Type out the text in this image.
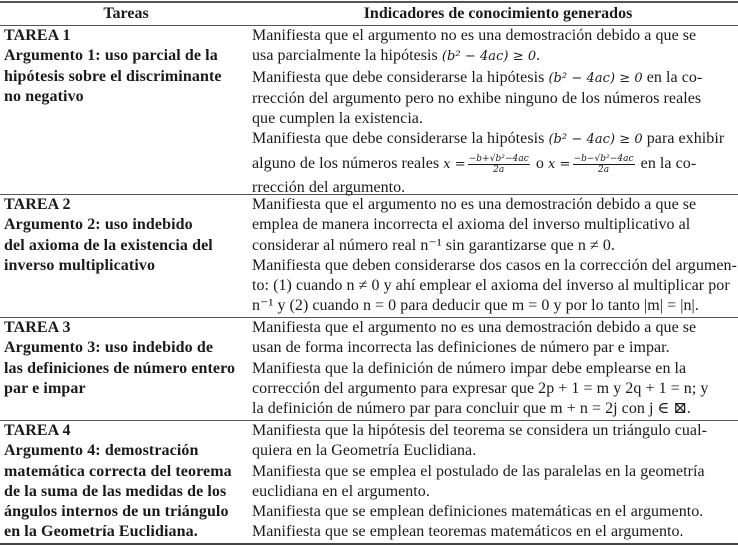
Tareas	Indicadores de conocimiento generados
TAREA 1
Argumento 1: uso parcial de la
hipótesis sobre el discriminante
no negativo
Manifiesta que el argumento no es una demostración debido a que se
usa parcialmente la hipótesis (b² − 4ac) ≥ 0.
Manifiesta que debe considerarse la hipótesis (b² − 4ac) ≥ 0 en la co-
rrección del argumento pero no exhibe ninguno de los números reales
que cumplen la existencia.
Manifiesta que debe considerarse la hipótesis (b² − 4ac) ≥ 0 para exhibir
alguno de los números reales $x = \frac{\text{−b+√b²−4ac}}{2a}$ o $x = \frac{\text{−b−√b²−4ac}}{2a}$ en la co-
rrección del argumento.
TAREA 2
Argumento 2: uso indebido
del axioma de la existencia del
inverso multiplicativo
Manifiesta que el argumento no es una demostración debido a que se
emplea de manera incorrecta el axioma del inverso multiplicativo al
considerar al número real n⁻¹ sin garantizarse que n ≠ 0.
Manifiesta que deben considerarse dos casos en la corrección del argumen-
to: (1) cuando n ≠ 0 y ahí emplear el axioma del inverso al multiplicar por
n⁻¹ y (2) cuando n = 0 para deducir que m = 0 y por lo tanto |m| = |n|.
TAREA 3
Argumento 3: uso indebido de
las definiciones de número entero
par e impar
Manifiesta que el argumento no es una demostración debido a que se
usan de forma incorrecta las definiciones de número par e impar.
Manifiesta que la definición de número impar debe emplearse en la
corrección del argumento para expresar que 2p + 1 = m y 2q + 1 = n; y
la definición de número par para concluir que m + n = 2j con j ∈ ⊠.
TAREA 4
Argumento 4: demostración
matemática correcta del teorema
de la suma de las medidas de los
ángulos internos de un triángulo
en la Geometría Euclidiana.
Manifiesta que la hipótesis del teorema se considera un triángulo cual-
quiera en la Geometría Euclidiana.
Manifiesta que se emplea el postulado de las paralelas en la geometría
euclidiana en el argumento.
Manifiesta que se emplean definiciones matemáticas en el argumento.
Manifiesta que se emplean teoremas matemáticos en el argumento.
